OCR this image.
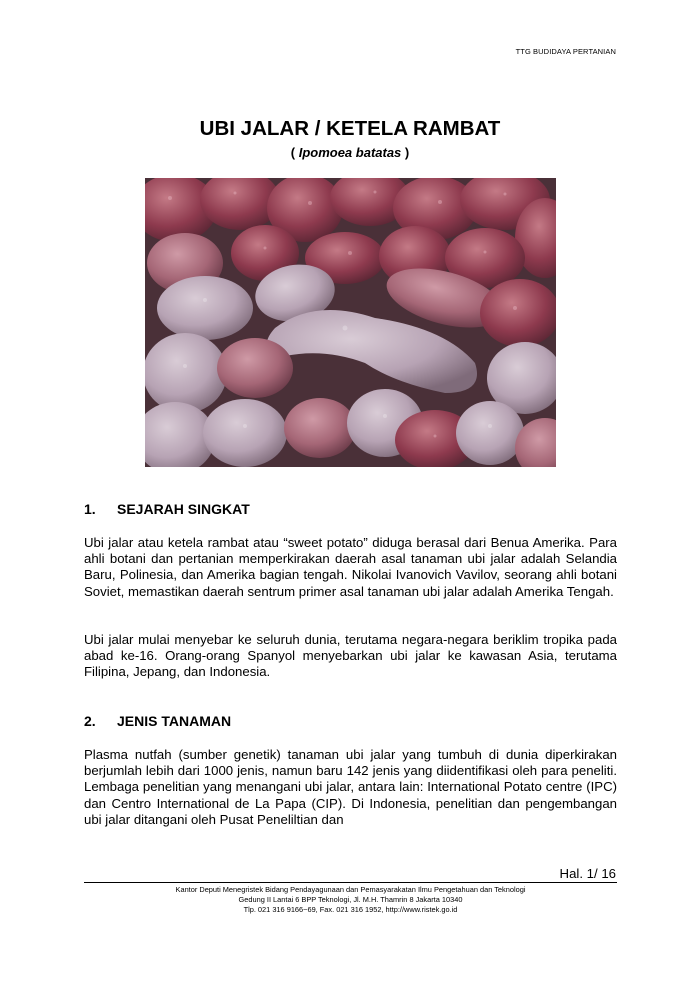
TTG BUDIDAYA PERTANIAN
UBI JALAR / KETELA RAMBAT
( Ipomoea batatas )
1.	SEJARAH SINGKAT

Ubi jalar atau ketela rambat atau “sweet potato” diduga berasal dari Benua Amerika. Para ahli botani dan pertanian memperkirakan daerah asal tanaman ubi jalar adalah Selandia Baru, Polinesia, dan Amerika bagian tengah. Nikolai Ivanovich Vavilov, seorang ahli botani Soviet, memastikan daerah sentrum primer asal tanaman ubi jalar adalah Amerika Tengah.

Ubi jalar mulai menyebar ke seluruh dunia, terutama negara-negara beriklim tropika pada abad ke-16. Orang-orang Spanyol menyebarkan ubi jalar ke kawasan Asia, terutama Filipina, Jepang, dan Indonesia.

2.	JENIS TANAMAN

Plasma nutfah (sumber genetik) tanaman ubi jalar yang tumbuh di dunia diperkirakan berjumlah lebih dari 1000 jenis, namun baru 142 jenis yang diidentifikasi oleh para peneliti. Lembaga penelitian yang menangani ubi jalar, antara lain: International Potato centre (IPC) dan Centro International de La Papa (CIP). Di Indonesia, penelitian dan pengembangan ubi jalar ditangani oleh Pusat Peneliltian dan

Hal. 1/ 16
Kantor Deputi Menegristek Bidang Pendayagunaan dan Pemasyarakatan Ilmu Pengetahuan dan Teknologi
Gedung II Lantai 6 BPP Teknologi, Jl. M.H. Thamrin 8 Jakarta 10340
Tlp. 021 316 9166~69, Fax. 021 316 1952, http://www.ristek.go.id
